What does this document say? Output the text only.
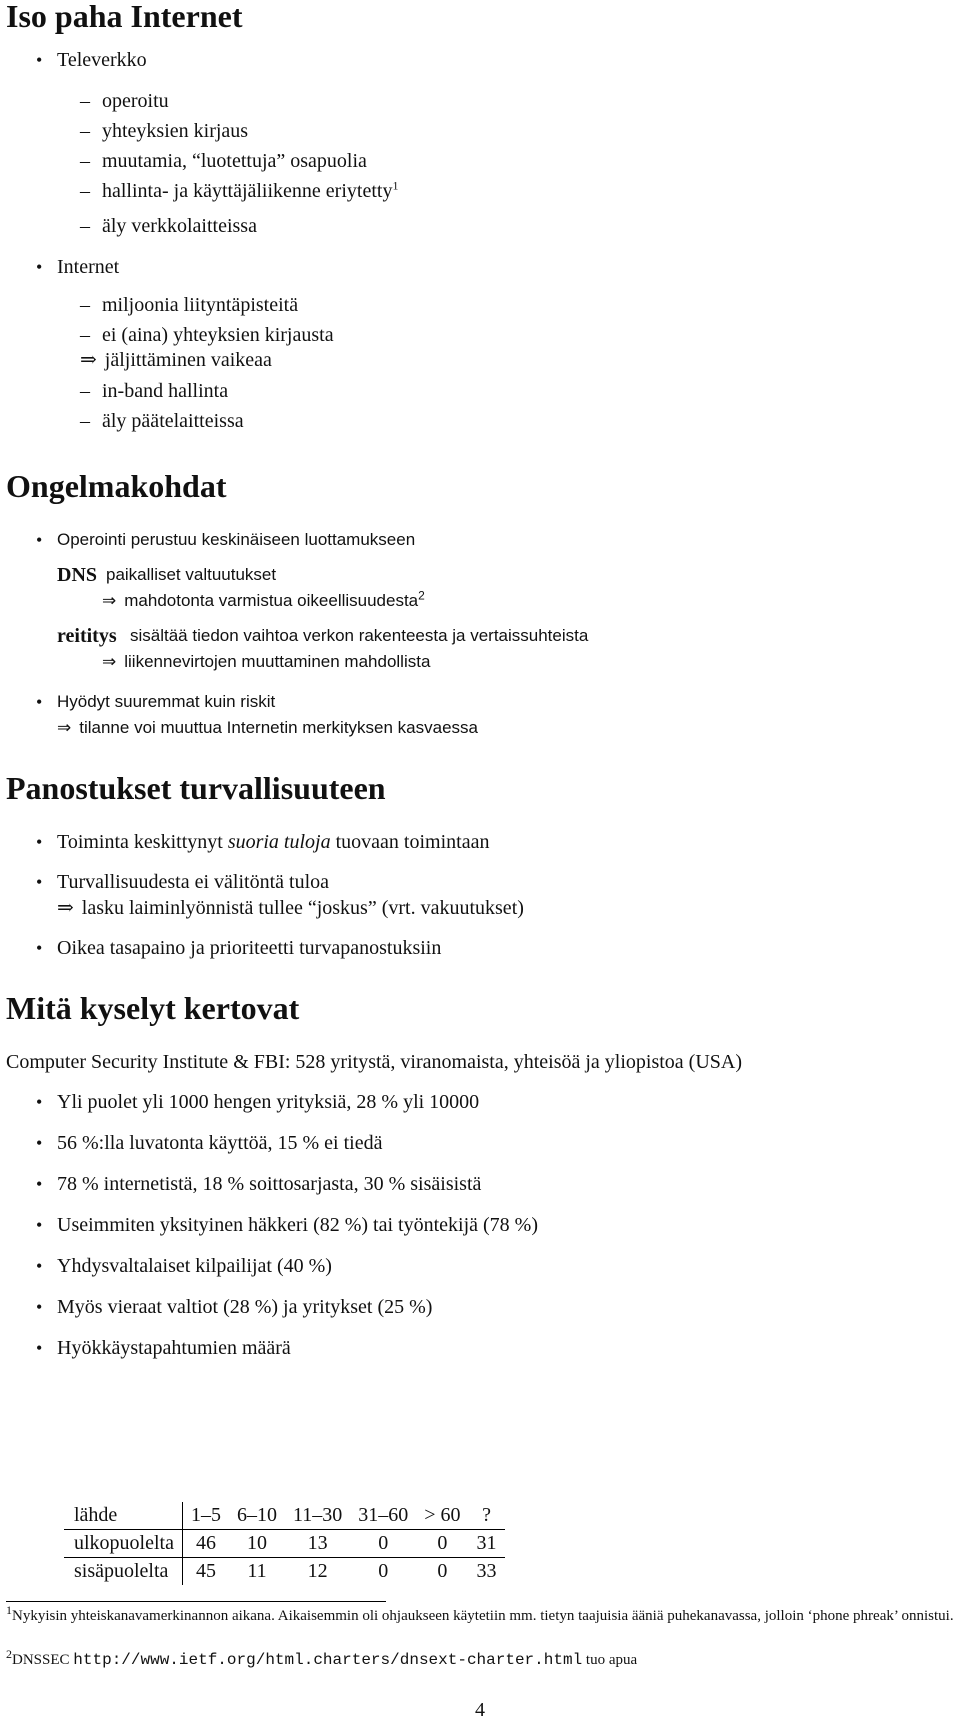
Iso paha Internet
• Televerkko
– operoitu
– yhteyksien kirjaus
– muutamia, “luotettuja” osapuolia
– hallinta- ja käyttäjäliikenne eriytetty$^1$
– äly verkkolaitteissa
• Internet
– miljoonia liityntäpisteitä
– ei (aina) yhteyksien kirjausta
⇒ jäljittäminen vaikeaa
– in-band hallinta
– äly päätelaitteissa
Ongelmakohdat
• Operointi perustuu keskinäiseen luottamukseen
DNS paikalliset valtuutukset
⇒ mahdotonta varmistua oikeellisuudesta$^2$
reititys sisältää tiedon vaihtoa verkon rakenteesta ja vertaissuhteista
⇒ liikennevirtojen muuttaminen mahdollista
• Hyödyt suuremmat kuin riskit
⇒ tilanne voi muuttua Internetin merkityksen kasvaessa
Panostukset turvallisuuteen
• Toiminta keskittynyt suoria tuloja tuovaan toimintaan
• Turvallisuudesta ei välitöntä tuloa
⇒ lasku laiminlyönnistä tullee “joskus” (vrt. vakuutukset)
• Oikea tasapaino ja prioriteetti turvapanostuksiin
Mitä kyselyt kertovat
Computer Security Institute & FBI: 528 yritystä, viranomaista, yhteisöä ja yliopistoa (USA)
• Yli puolet yli 1000 hengen yrityksiä, 28 % yli 10000
• 56 %:lla luvatonta käyttöä, 15 % ei tiedä
• 78 % internetistä, 18 % soittosarjasta, 30 % sisäisistä
• Useimmiten yksityinen häkkeri (82 %) tai työntekijä (78 %)
• Yhdysvaltalaiset kilpailijat (40 %)
• Myös vieraat valtiot (28 %) ja yritykset (25 %)
• Hyökkäystapahtumien määrä
lähde	1–5	6–10	11–30	31–60	> 60	?
ulkopuolelta	46	10	13	0	0	31
sisäpuolelta	45	11	12	0	0	33
$^1$Nykyisin yhteiskanavamerkinannon aikana. Aikaisemmin oli ohjaukseen käytetiin mm. tietyn taajuisia ääniä puhekanavassa, jolloin ‘phone phreak’ onnistui.
$^2$DNSSEC http://www.ietf.org/html.charters/dnsext-charter.html tuo apua
4
